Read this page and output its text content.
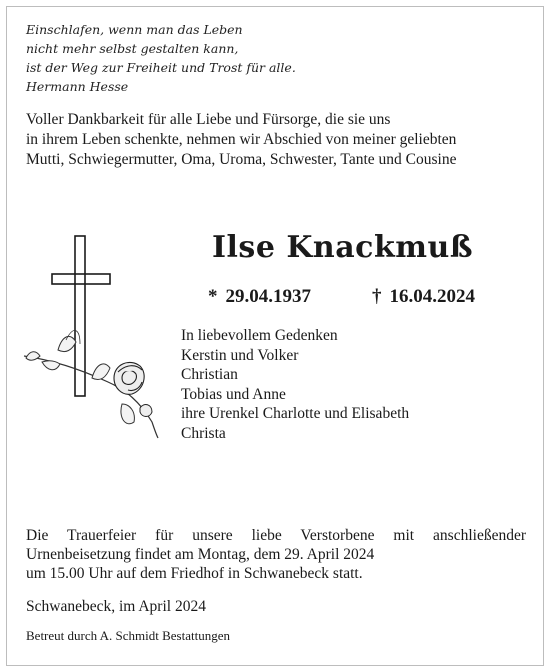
Einschlafen, wenn man das Leben
nicht mehr selbst gestalten kann,
ist der Weg zur Freiheit und Trost für alle.
Hermann Hesse
Voller Dankbarkeit für alle Liebe und Fürsorge, die sie uns
in ihrem Leben schenkte, nehmen wir Abschied von meiner geliebten
Mutti, Schwiegermutter, Oma, Uroma, Schwester, Tante und Cousine
Ilse Knackmuß
* 29.04.1937	† 16.04.2024
In liebevollem Gedenken
Kerstin und Volker
Christian
Tobias und Anne
ihre Urenkel Charlotte und Elisabeth
Christa
Die Trauerfeier für unsere liebe Verstorbene mit anschließender
Urnenbeisetzung findet am Montag, dem 29. April 2024
um 15.00 Uhr auf dem Friedhof in Schwanebeck statt.
Schwanebeck, im April 2024
Betreut durch A. Schmidt Bestattungen
